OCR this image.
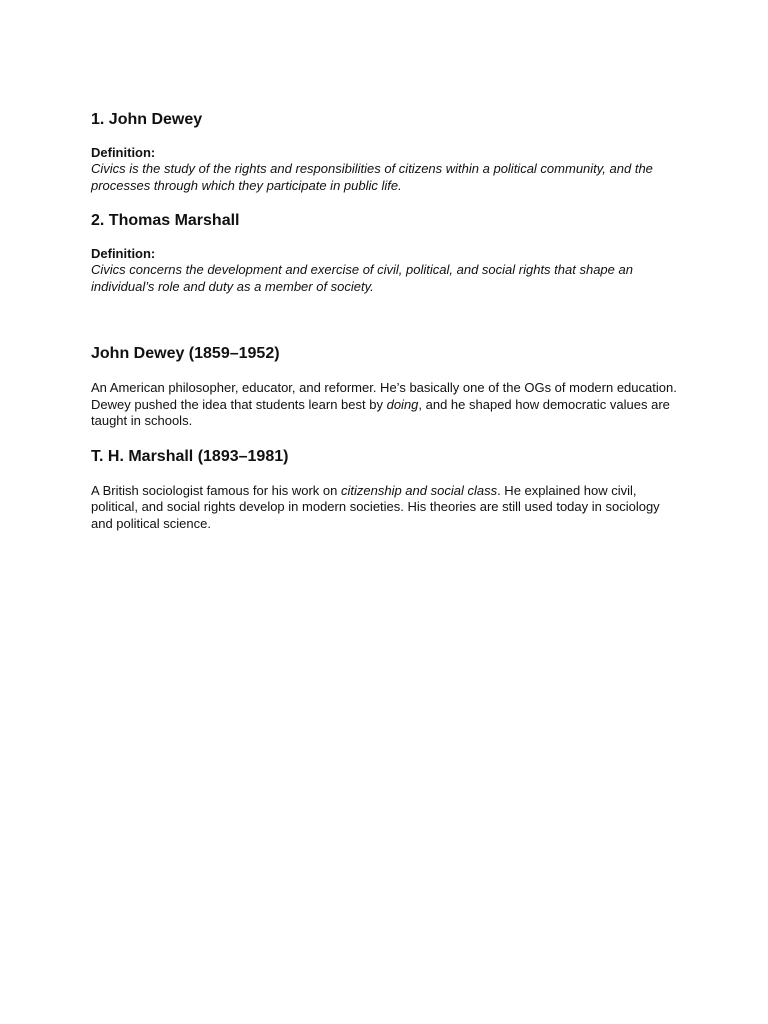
1. John Dewey

Definition:

Civics is the study of the rights and responsibilities of citizens within a political community, and the processes through which they participate in public life.

2. Thomas Marshall

Definition:

Civics concerns the development and exercise of civil, political, and social rights that shape an individual’s role and duty as a member of society.

John Dewey (1859–1952)

An American philosopher, educator, and reformer. He’s basically one of the OGs of modern education. Dewey pushed the idea that students learn best by doing, and he shaped how democratic values are taught in schools.

T. H. Marshall (1893–1981)

A British sociologist famous for his work on citizenship and social class. He explained how civil, political, and social rights develop in modern societies. His theories are still used today in sociology and political science.
